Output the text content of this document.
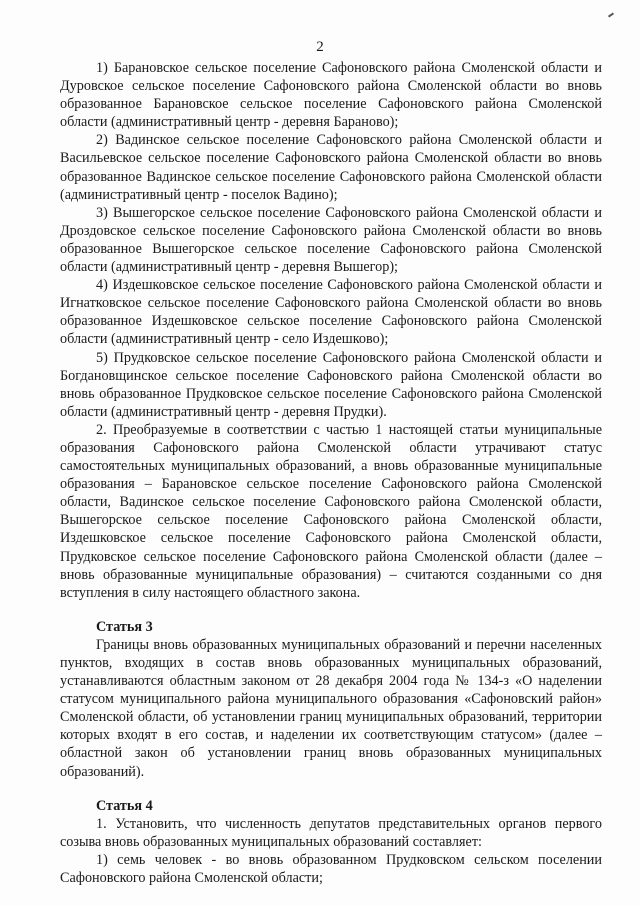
2

1) Барановское сельское поселение Сафоновского района Смоленской области и Дуровское сельское поселение Сафоновского района Смоленской области во вновь образованное Барановское сельское поселение Сафоновского района Смоленской области (административный центр - деревня Бараново);

2) Вадинское сельское поселение Сафоновского района Смоленской области и Васильевское сельское поселение Сафоновского района Смоленской области во вновь образованное Вадинское сельское поселение Сафоновского района Смоленской области (административный центр - поселок Вадино);

3) Вышегорское сельское поселение Сафоновского района Смоленской области и Дроздовское сельское поселение Сафоновского района Смоленской области во вновь образованное Вышегорское сельское поселение Сафоновского района Смоленской области (административный центр - деревня Вышегор);

4) Издешковское сельское поселение Сафоновского района Смоленской области и Игнатковское сельское поселение Сафоновского района Смоленской области во вновь образованное Издешковское сельское поселение Сафоновского района Смоленской области (административный центр - село Издешково);

5) Прудковское сельское поселение Сафоновского района Смоленской области и Богдановщинское сельское поселение Сафоновского района Смоленской области во вновь образованное Прудковское сельское поселение Сафоновского района Смоленской области (административный центр - деревня Прудки).

2. Преобразуемые в соответствии с частью 1 настоящей статьи муниципальные образования Сафоновского района Смоленской области утрачивают статус самостоятельных муниципальных образований, а вновь образованные муниципальные образования – Барановское сельское поселение Сафоновского района Смоленской области, Вадинское сельское поселение Сафоновского района Смоленской области, Вышегорское сельское поселение Сафоновского района Смоленской области, Издешковское сельское поселение Сафоновского района Смоленской области, Прудковское сельское поселение Сафоновского района Смоленской области (далее – вновь образованные муниципальные образования) – считаются созданными со дня вступления в силу настоящего областного закона.

Статья 3

Границы вновь образованных муниципальных образований и перечни населенных пунктов, входящих в состав вновь образованных муниципальных образований, устанавливаются областным законом от 28 декабря 2004 года № 134-з «О наделении статусом муниципального района муниципального образования «Сафоновский район» Смоленской области, об установлении границ муниципальных образований, территории которых входят в его состав, и наделении их соответствующим статусом» (далее – областной закон об установлении границ вновь образованных муниципальных образований).

Статья 4

1. Установить, что численность депутатов представительных органов первого созыва вновь образованных муниципальных образований составляет:

1) семь человек - во вновь образованном Прудковском сельском поселении Сафоновского района Смоленской области;
